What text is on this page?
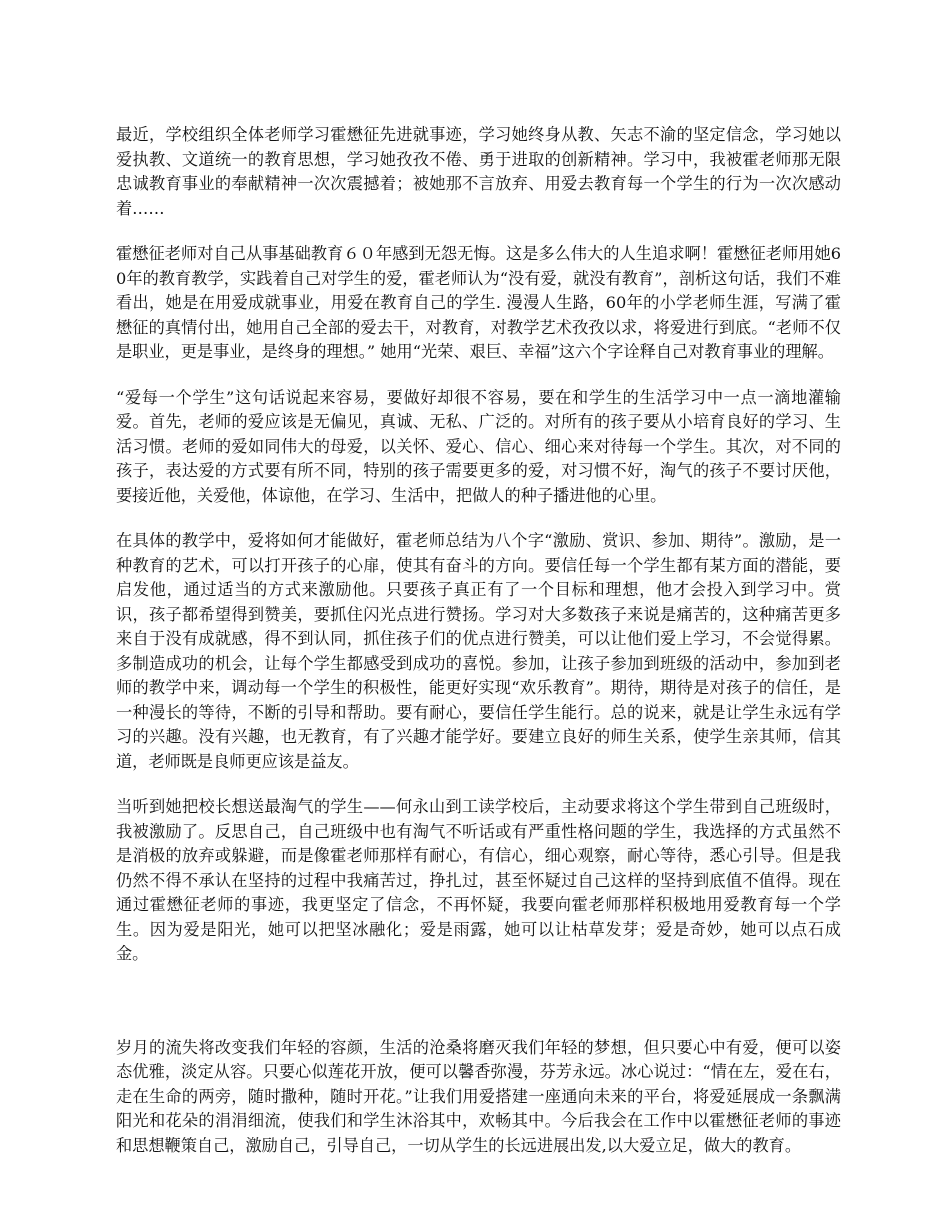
最近，学校组织全体老师学习霍懋征先进就事迹，学习她终身从教、矢志不渝的坚定信念，学习她以爱执教、文道统一的教育思想，学习她孜孜不倦、勇于进取的创新精神。学习中，我被霍老师那无限忠诚教育事业的奉献精神一次次震撼着；被她那不言放弃、用爱去教育每一个学生的行为一次次感动着……

霍懋征老师对自己从事基础教育６０年感到无怨无悔。这是多么伟大的人生追求啊！霍懋征老师用她60年的教育教学，实践着自己对学生的爱，霍老师认为“没有爱，就没有教育”，剖析这句话，我们不难看出，她是在用爱成就事业，用爱在教育自己的学生. 漫漫人生路，60年的小学老师生涯，写满了霍懋征的真情付出，她用自己全部的爱去干，对教育，对教学艺术孜孜以求，将爱进行到底。“老师不仅是职业，更是事业，是终身的理想。” 她用“光荣、艰巨、幸福”这六个字诠释自己对教育事业的理解。

“爱每一个学生”这句话说起来容易，要做好却很不容易，要在和学生的生活学习中一点一滴地灌输爱。首先，老师的爱应该是无偏见，真诚、无私、广泛的。对所有的孩子要从小培育良好的学习、生活习惯。老师的爱如同伟大的母爱，以关怀、爱心、信心、细心来对待每一个学生。其次，对不同的孩子，表达爱的方式要有所不同，特别的孩子需要更多的爱，对习惯不好，淘气的孩子不要讨厌他，要接近他，关爱他，体谅他，在学习、生活中，把做人的种子播进他的心里。

在具体的教学中，爱将如何才能做好，霍老师总结为八个字“激励、赏识、参加、期待”。激励，是一种教育的艺术，可以打开孩子的心扉，使其有奋斗的方向。要信任每一个学生都有某方面的潜能，要启发他，通过适当的方式来激励他。只要孩子真正有了一个目标和理想，他才会投入到学习中。赏识，孩子都希望得到赞美，要抓住闪光点进行赞扬。学习对大多数孩子来说是痛苦的，这种痛苦更多来自于没有成就感，得不到认同，抓住孩子们的优点进行赞美，可以让他们爱上学习，不会觉得累。多制造成功的机会，让每个学生都感受到成功的喜悦。参加，让孩子参加到班级的活动中，参加到老师的教学中来，调动每一个学生的积极性，能更好实现“欢乐教育”。期待，期待是对孩子的信任，是一种漫长的等待，不断的引导和帮助。要有耐心，要信任学生能行。总的说来，就是让学生永远有学习的兴趣。没有兴趣，也无教育，有了兴趣才能学好。要建立良好的师生关系，使学生亲其师，信其道，老师既是良师更应该是益友。

当听到她把校长想送最淘气的学生——何永山到工读学校后，主动要求将这个学生带到自己班级时，我被激励了。反思自己，自己班级中也有淘气不听话或有严重性格问题的学生，我选择的方式虽然不是消极的放弃或躲避，而是像霍老师那样有耐心，有信心，细心观察，耐心等待，悉心引导。但是我仍然不得不承认在坚持的过程中我痛苦过，挣扎过，甚至怀疑过自己这样的坚持到底值不值得。现在通过霍懋征老师的事迹，我更坚定了信念，不再怀疑，我要向霍老师那样积极地用爱教育每一个学生。因为爱是阳光，她可以把坚冰融化；爱是雨露，她可以让枯草发芽；爱是奇妙，她可以点石成金。

岁月的流失将改变我们年轻的容颜，生活的沧桑将磨灭我们年轻的梦想，但只要心中有爱，便可以姿态优雅，淡定从容。只要心似莲花开放，便可以馨香弥漫，芬芳永远。冰心说过：“情在左，爱在右，走在生命的两旁，随时撒种，随时开花。”让我们用爱搭建一座通向未来的平台，将爱延展成一条飘满阳光和花朵的涓涓细流，使我们和学生沐浴其中，欢畅其中。今后我会在工作中以霍懋征老师的事迹和思想鞭策自己，激励自己，引导自己，一切从学生的长远进展出发,以大爱立足，做大的教育。
